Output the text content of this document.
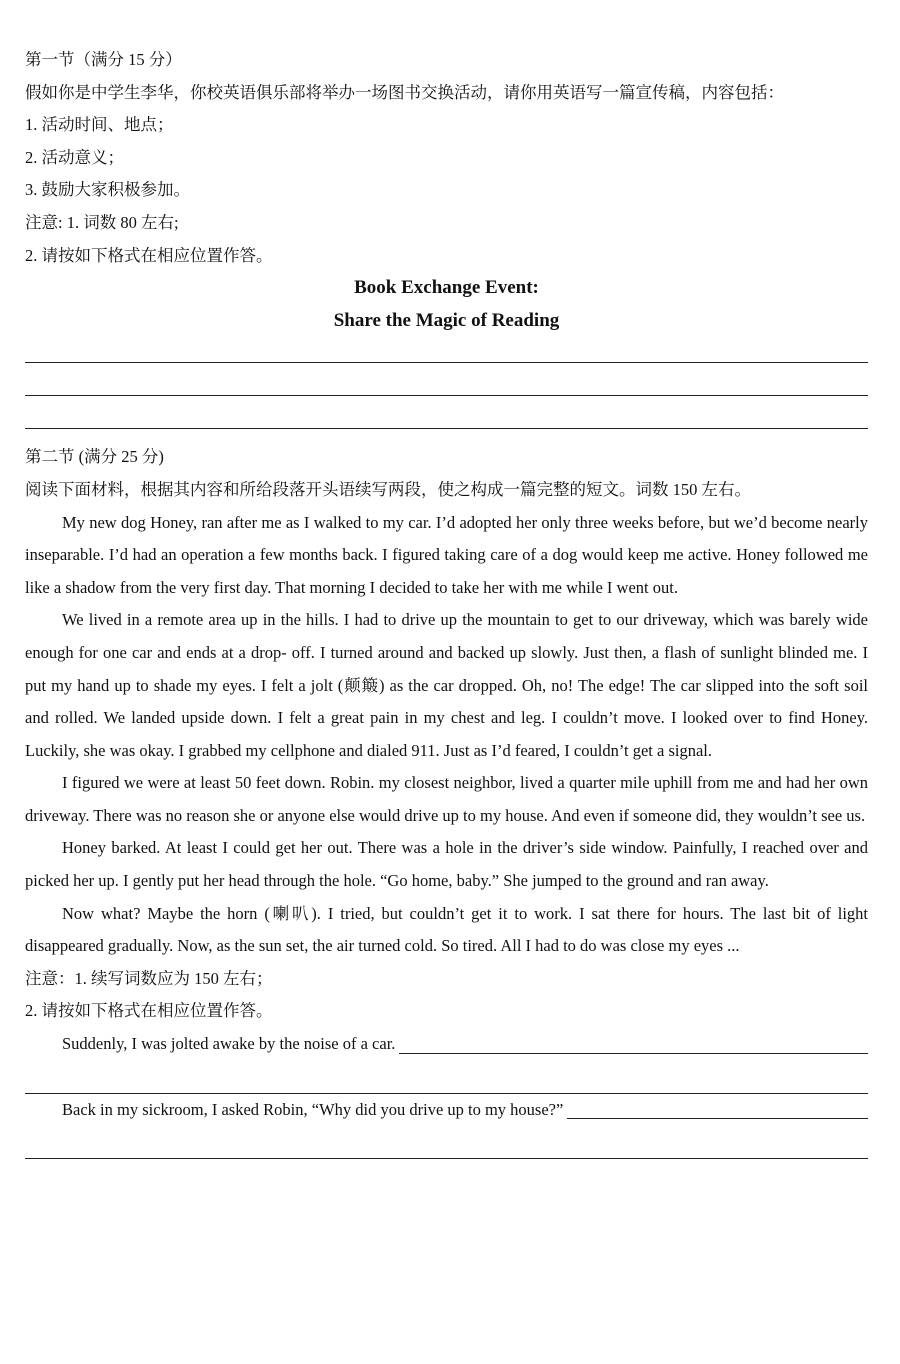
第一节（满分 15 分）
假如你是中学生李华，你校英语俱乐部将举办一场图书交换活动，请你用英语写一篇宣传稿，内容包括：
1. 活动时间、地点；
2. 活动意义；
3. 鼓励大家积极参加。
注意: 1. 词数 80 左右;
2. 请按如下格式在相应位置作答。
Book Exchange Event:
Share the Magic of Reading
第二节 (满分 25 分)
阅读下面材料，根据其内容和所给段落开头语续写两段，使之构成一篇完整的短文。词数 150 左右。

My new dog Honey, ran after me as I walked to my car. I’d adopted her only three weeks before, but we’d become nearly inseparable. I’d had an operation a few months back. I figured taking care of a dog would keep me active. Honey followed me like a shadow from the very first day. That morning I decided to take her with me while I went out.

We lived in a remote area up in the hills. I had to drive up the mountain to get to our driveway, which was barely wide enough for one car and ends at a drop- off. I turned around and backed up slowly. Just then, a flash of sunlight blinded me. I put my hand up to shade my eyes. I felt a jolt (颠簸) as the car dropped. Oh, no! The edge! The car slipped into the soft soil and rolled. We landed upside down. I felt a great pain in my chest and leg. I couldn’t move. I looked over to find Honey. Luckily, she was okay. I grabbed my cellphone and dialed 911. Just as I’d feared, I couldn’t get a signal.

I figured we were at least 50 feet down. Robin. my closest neighbor, lived a quarter mile uphill from me and had her own driveway. There was no reason she or anyone else would drive up to my house. And even if someone did, they wouldn’t see us.

Honey barked. At least I could get her out. There was a hole in the driver’s side window. Painfully, I reached over and picked her up. I gently put her head through the hole. “Go home, baby.” She jumped to the ground and ran away.

Now what? Maybe the horn (喇叭). I tried, but couldn’t get it to work. I sat there for hours. The last bit of light disappeared gradually. Now, as the sun set, the air turned cold. So tired. All I had to do was close my eyes ...

注意：1. 续写词数应为 150 左右；
2. 请按如下格式在相应位置作答。
Suddenly, I was jolted awake by the noise of a car.
Back in my sickroom, I asked Robin, “Why did you drive up to my house?”
